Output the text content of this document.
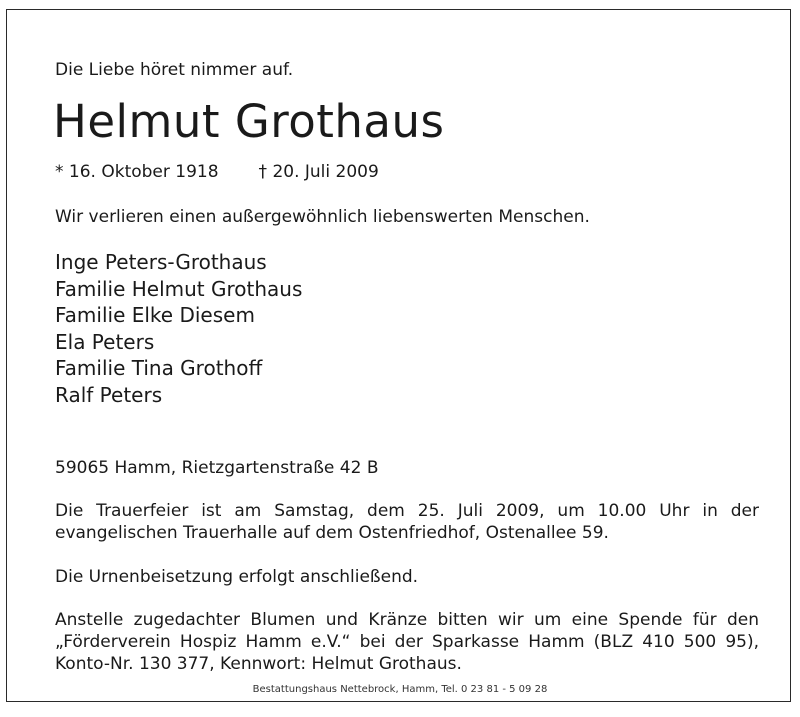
Die Liebe höret nimmer auf.
Helmut Grothaus
* 16. Oktober 1918 † 20. Juli 2009
Wir verlieren einen außergewöhnlich liebenswerten Menschen.
Inge Peters-Grothaus
Familie Helmut Grothaus
Familie Elke Diesem
Ela Peters
Familie Tina Grothoff
Ralf Peters
59065 Hamm, Rietzgartenstraße 42 B
Die Trauerfeier ist am Samstag, dem 25. Juli 2009, um 10.00 Uhr in der evangelischen Trauerhalle auf dem Ostenfriedhof, Ostenallee 59.
Die Urnenbeisetzung erfolgt anschließend.
Anstelle zugedachter Blumen und Kränze bitten wir um eine Spende für den „Förderverein Hospiz Hamm e.V.“ bei der Sparkasse Hamm (BLZ 410 500 95), Konto-Nr. 130 377, Kennwort: Helmut Grothaus.
Bestattungshaus Nettebrock, Hamm, Tel. 0 23 81 - 5 09 28
